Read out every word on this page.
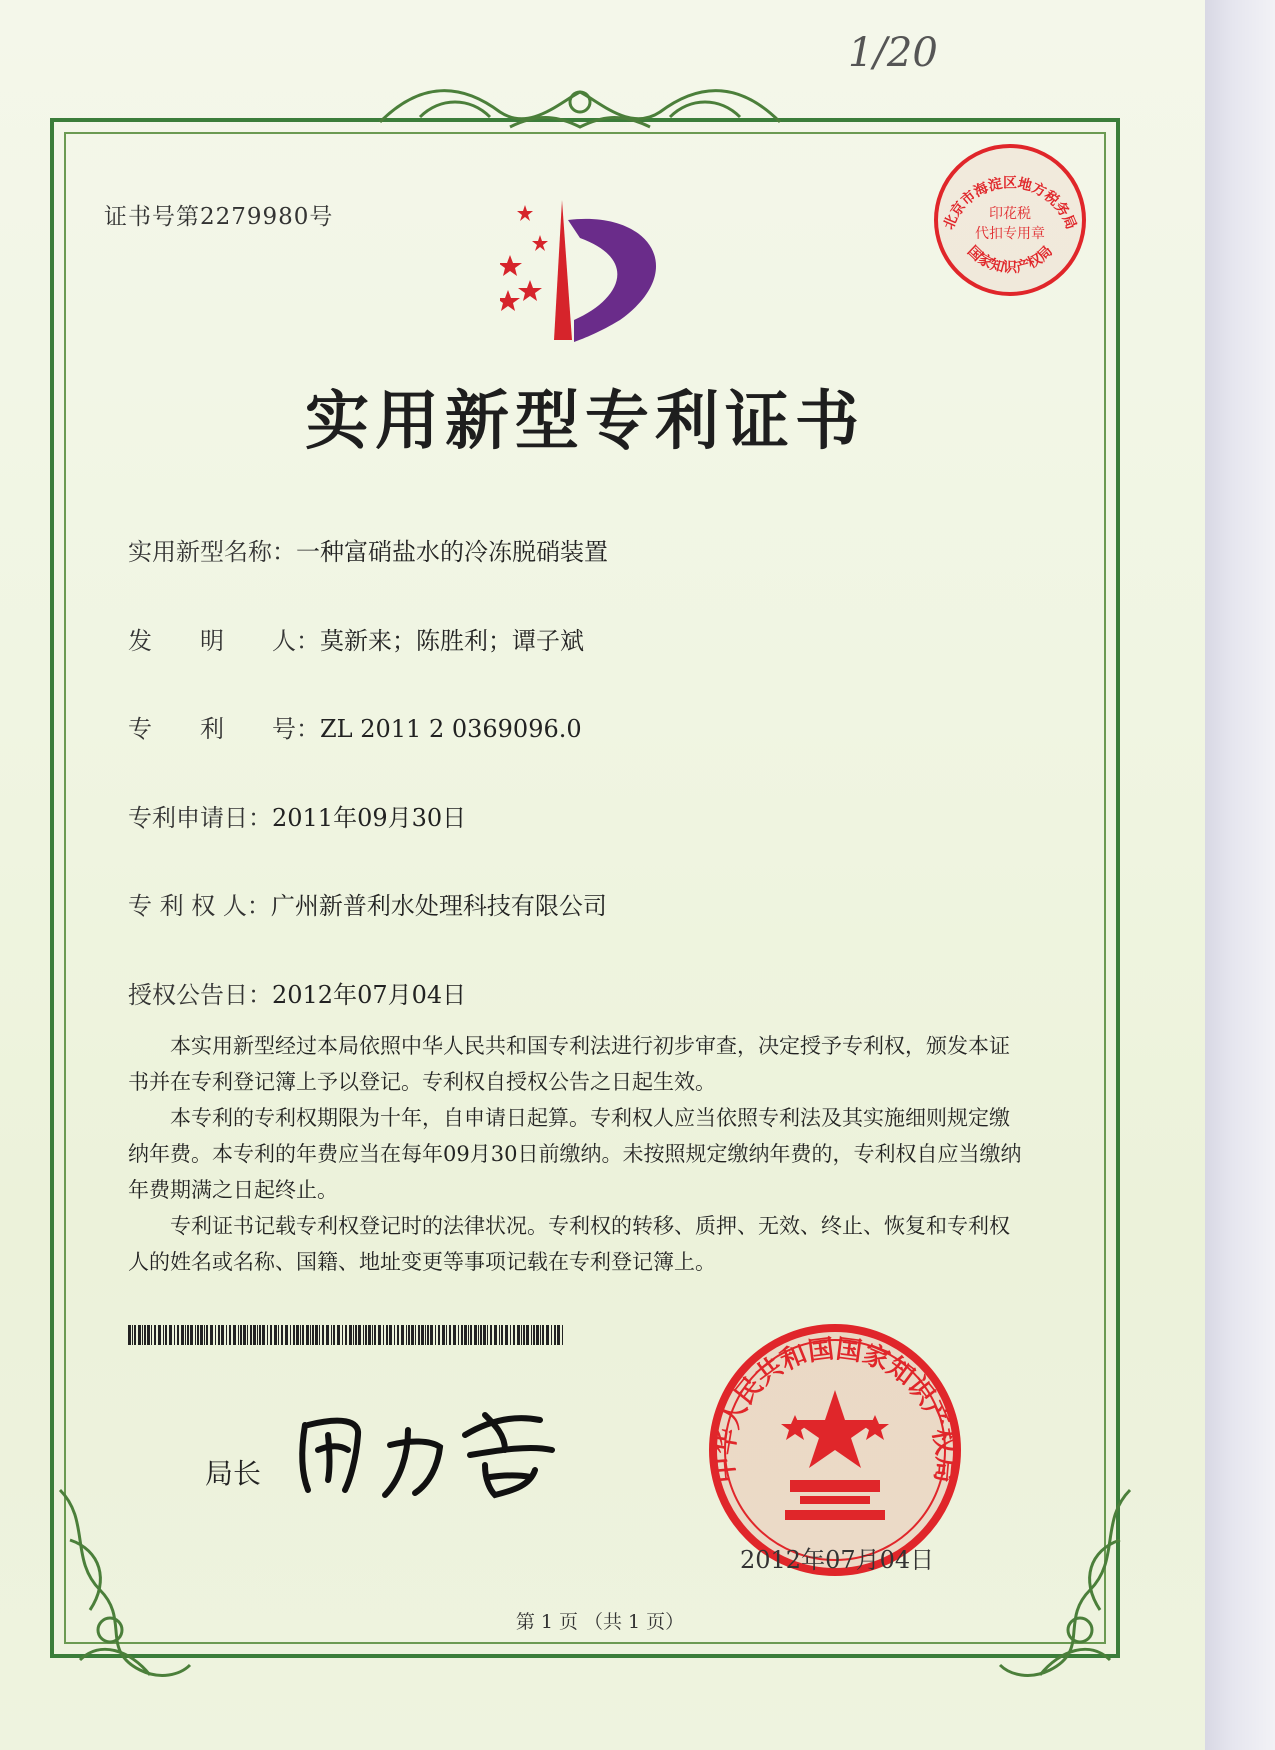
1/20
证书号第2279980号
实用新型专利证书
实用新型名称：一种富硝盐水的冷冻脱硝装置
发　　明　　人：莫新来；陈胜利；谭子斌
专　　利　　号：ZL 2011 2 0369096.0
专利申请日：2011年09月30日
专 利 权 人：广州新普利水处理科技有限公司
授权公告日：2012年07月04日
本实用新型经过本局依照中华人民共和国专利法进行初步审查，决定授予专利权，颁发本证书并在专利登记簿上予以登记。专利权自授权公告之日起生效。
本专利的专利权期限为十年，自申请日起算。专利权人应当依照专利法及其实施细则规定缴纳年费。本专利的年费应当在每年09月30日前缴纳。未按照规定缴纳年费的，专利权自应当缴纳年费期满之日起终止。
专利证书记载专利权登记时的法律状况。专利权的转移、质押、无效、终止、恢复和专利权人的姓名或名称、国籍、地址变更等事项记载在专利登记簿上。
局长	中华人民共和国国家知识产权局
2012年07月04日
北京市海淀区地方税务局
印花税
代扣专用章
国家知识产权局
第 1 页 （共 1 页）
